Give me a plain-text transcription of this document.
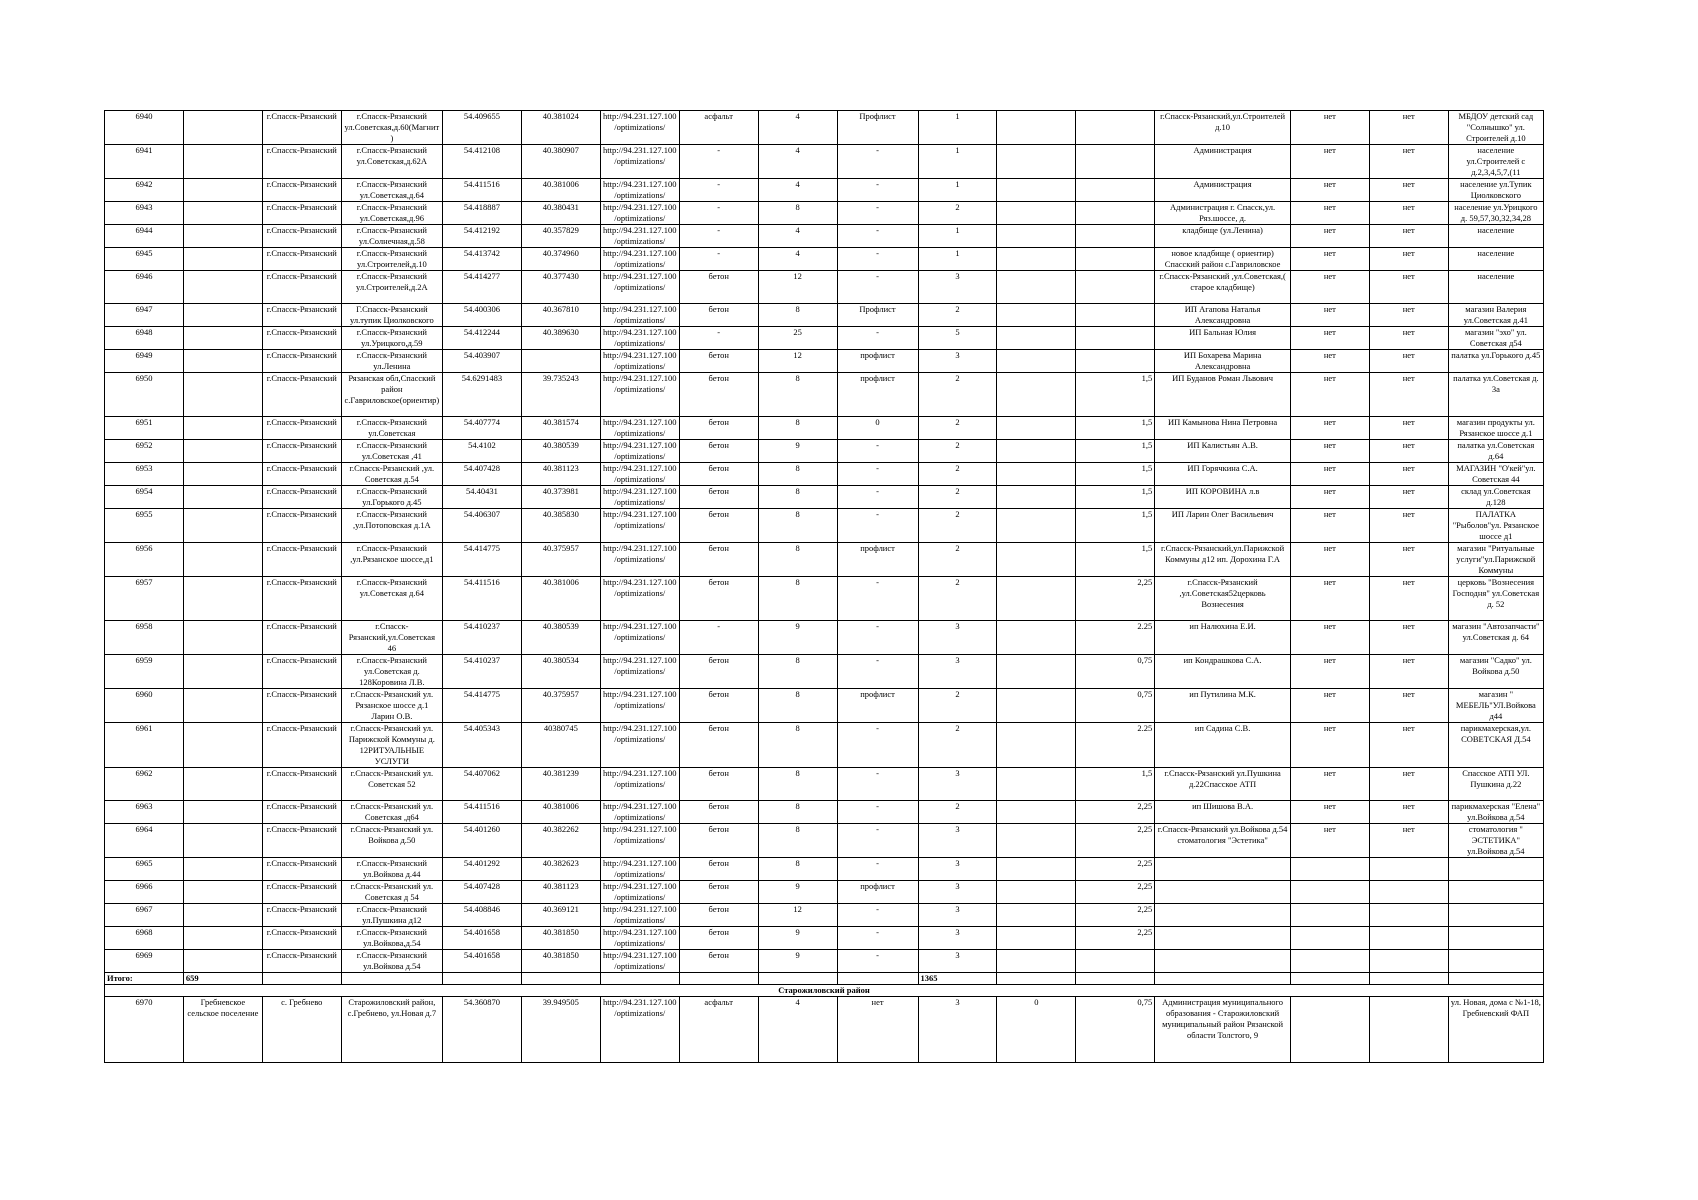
6940		г.Спасск-Рязанский	г.Спасск-Рязанский ул.Советская,д.60(Магнит)	54.409655	40.381024	http://94.231.127.100/optimizations/	асфальт	4	Профлист	1			г.Спасск-Рязанский,ул.Строителей д.10	нет	нет	МБДОУ детский сад "Солнышко" ул. Строителей д.10
6941		г.Спасск-Рязанский	г.Спасск-Рязанский ул.Советская,д.62А	54.412108	40.380907	http://94.231.127.100/optimizations/	-	4	-	1			Администрация	нет	нет	население ул.Строителей с д.2,3,4,5,7,(11
6942		г.Спасск-Рязанский	г.Спасск-Рязанский ул.Советская,д.64	54.411516	40.381006	http://94.231.127.100/optimizations/	-	4	-	1			Администрация	нет	нет	население ул.Тупик Циолковского
6943		г.Спасск-Рязанский	г.Спасск-Рязанский ул.Советская,д.96	54.418887	40.380431	http://94.231.127.100/optimizations/	-	8	-	2			Администрация г. Спасск,ул. Ряз.шоссе, д.	нет	нет	население ул.Урицкого д. 59,57,30,32,34,28
6944		г.Спасск-Рязанский	г.Спасск-Рязанский ул.Солнечная,д.58	54.412192	40.357829	http://94.231.127.100/optimizations/	-	4	-	1			кладбище (ул.Ленина)	нет	нет	население
6945		г.Спасск-Рязанский	г.Спасск-Рязанский ул.Строителей,д.10	54.413742	40.374960	http://94.231.127.100/optimizations/	-	4	-	1			новое кладбище ( ориентир) Спасский район с.Гавриловское	нет	нет	население
6946		г.Спасск-Рязанский	г.Спасск-Рязанский ул.Строителей,д.2А	54.414277	40.377430	http://94.231.127.100/optimizations/	бетон	12	-	3			г.Спасск-Рязанский ,ул.Советская,( старое кладбище)	нет	нет	население
6947		г.Спасск-Рязанский	Г.Спасск-Рязанский ул.тупик Циолковского	54.400306	40.367810	http://94.231.127.100/optimizations/	бетон	8	Профлист	2			ИП Агапова Наталья Александровна	нет	нет	магазин Валерия ул.Советская д.41
6948		г.Спасск-Рязанский	г.Спасск-Рязанский ул.Урицкого,д.59	54.412244	40.389630	http://94.231.127.100/optimizations/	-	25	-	5			ИП Бальная Юлия	нет	нет	магазин "эхо" ул. Советская д54
6949		г.Спасск-Рязанский	г.Спасск-Рязанский ул.Ленина	54.403907		http://94.231.127.100/optimizations/	бетон	12	профлист	3			ИП Бохарева Марина Александровна	нет	нет	палатка ул.Горького д.45
6950		г.Спасск-Рязанский	Рязанская обл,Спасский район с.Гавриловское(ориентир)	54.6291483	39.735243	http://94.231.127.100/optimizations/	бетон	8	профлист	2		1,5	ИП Буданов Роман Львович	нет	нет	палатка ул.Советская д. 3а
6951		г.Спасск-Рязанский	г.Спасск-Рязанский ул.Советская	54.407774	40.381574	http://94.231.127.100/optimizations/	бетон	8	0	2		1,5	ИП Камынова Нина Петровна	нет	нет	магазин продукты ул. Рязанское шоссе д.1
6952		г.Спасск-Рязанский	г.Спасск-Рязанский ул.Советская ,41	54.4102	40.380539	http://94.231.127.100/optimizations/	бетон	9	-	2		1,5	ИП Калистьян А.В.	нет	нет	палатка ул.Советская д.64
6953		г.Спасск-Рязанский	г.Спасск-Рязанский ,ул. Советская д.54	54.407428	40.381123	http://94.231.127.100/optimizations/	бетон	8	-	2		1,5	ИП Горячкина С.А.	нет	нет	МАГАЗИН "О'кей"ул. Советская 44
6954		г.Спасск-Рязанский	г.Спасск-Рязанский ул.Горького д.45	54.40431	40.373981	http://94.231.127.100/optimizations/	бетон	8	-	2		1,5	ИП КОРОВИНА л.в	нет	нет	склад ул.Советская д.128
6955		г.Спасск-Рязанский	г.Спасск-Рязанский ,ул.Потоповская д.1А	54.406307	40.385830	http://94.231.127.100/optimizations/	бетон	8	-	2		1,5	ИП Ларин Олег Васильевич	нет	нет	ПАЛАТКА "Рыболов"ул. Рязанское шоссе д1
6956		г.Спасск-Рязанский	г.Спасск-Рязанский ,ул.Рязанское шоссе,д1	54.414775	40.375957	http://94.231.127.100/optimizations/	бетон	8	профлист	2		1,5	г.Спасск-Рязанский,ул.Парижской Коммуны д12 ип. Дорохина Г.А	нет	нет	магазин "Ритуальные услуги"ул.Парижской Коммуны
6957		г.Спасск-Рязанский	г.Спасск-Рязанский ул.Советская д.64	54.411516	40.381006	http://94.231.127.100/optimizations/	бетон	8	-	2		2,25	г.Спасск-Рязанский ,ул.Советская52церковь Вознесения	нет	нет	церковь "Вознесения Господня" ул.Советская д. 52
6958		г.Спасск-Рязанский	г.Спасск-Рязанский,ул.Советская 46	54.410237	40.380539	http://94.231.127.100/optimizations/	-	9	-	3		2.25	ип Налюхина Е.И.	нет	нет	магазин "Автозапчасти" ул.Советская д. 64
6959		г.Спасск-Рязанский	г.Спасск-Рязанский ул.Советская д. 128Коровина Л.В.	54.410237	40.380534	http://94.231.127.100/optimizations/	бетон	8	-	3		0,75	ип Кондрашкова С.А.	нет	нет	магазин "Садко" ул. Войкова д.50
6960		г.Спасск-Рязанский	г.Спасск-Рязанский ул. Рязанское шоссе д.1 Ларин О.В.	54.414775	40.375957	http://94.231.127.100/optimizations/	бетон	8	профлист	2		0,75	ип Путилина М.К.	нет	нет	магазин " МЕБЕЛЬ"УЛ.Войкова д44
6961		г.Спасск-Рязанский	г.Спасск-Рязанский ул. Парижской Коммуны д. 12РИТУАЛЬНЫЕ УСЛУГИ	54.405343	40380745	http://94.231.127.100/optimizations/	бетон	8	-	2		2.25	ип Садина С.В.	нет	нет	парикмахерская,ул. СОВЕТСКАЯ Д.54
6962		г.Спасск-Рязанский	г.Спасск-Рязанский ул. Советская 52	54.407062	40.381239	http://94.231.127.100/optimizations/	бетон	8	-	3		1,5	г.Спасск-Рязанский ул.Пушкина д.22Спасское АТП	нет	нет	Спасское АТП УЛ. Пушкина д.22
6963		г.Спасск-Рязанский	г.Спасск-Рязанский ул. Советская ,д64	54.411516	40.381006	http://94.231.127.100/optimizations/	бетон	8	-	2		2,25	ип Шишова В.А.	нет	нет	парикмахерская "Елена" ул.Войкова д.54
6964		г.Спасск-Рязанский	г.Спасск-Рязанский ул. Войкова д.50	54.401260	40.382262	http://94.231.127.100/optimizations/	бетон	8	-	3		2,25	г.Спасск-Рязанский ул.Войкова д.54 стоматология "Эстетика"	нет	нет	стоматология " ЭСТЕТИКА" ул.Войкова д.54
6965		г.Спасск-Рязанский	г.Спасск-Рязанский ул.Войкова д.44	54.401292	40.382623	http://94.231.127.100/optimizations/	бетон	8	-	3		2,25				
6966		г.Спасск-Рязанский	г.Спасск-Рязанский ул. Советская д 54	54.407428	40.381123	http://94.231.127.100/optimizations/	бетон	9	профлист	3		2,25				
6967		г.Спасск-Рязанский	г.Спасск-Рязанский ул.Пушкина д12	54.408846	40.369121	http://94.231.127.100/optimizations/	бетон	12	-	3		2,25				
6968		г.Спасск-Рязанский	г.Спасск-Рязанский ул.Войкова,д.54	54.401658	40.381850	http://94.231.127.100/optimizations/	бетон	9	-	3		2,25				
6969		г.Спасск-Рязанский	г.Спасск-Рязанский ул.Войкова д.54	54.401658	40.381850	http://94.231.127.100/optimizations/	бетон	9	-	3						
Итого:	659									1365						
Старожиловский район																
6970	Гребневское сельское поселение	с. Гребнево	Старожиловский район, с.Гребнево, ул.Новая д.7	54.360870	39.949505	http://94.231.127.100/optimizations/	асфальт	4	нет	3	0	0,75	Администрация муниципального образования - Старожиловский муниципальный район Рязанской области Толстого, 9			ул. Новая, дома с №1-18, Гребневский ФАП
